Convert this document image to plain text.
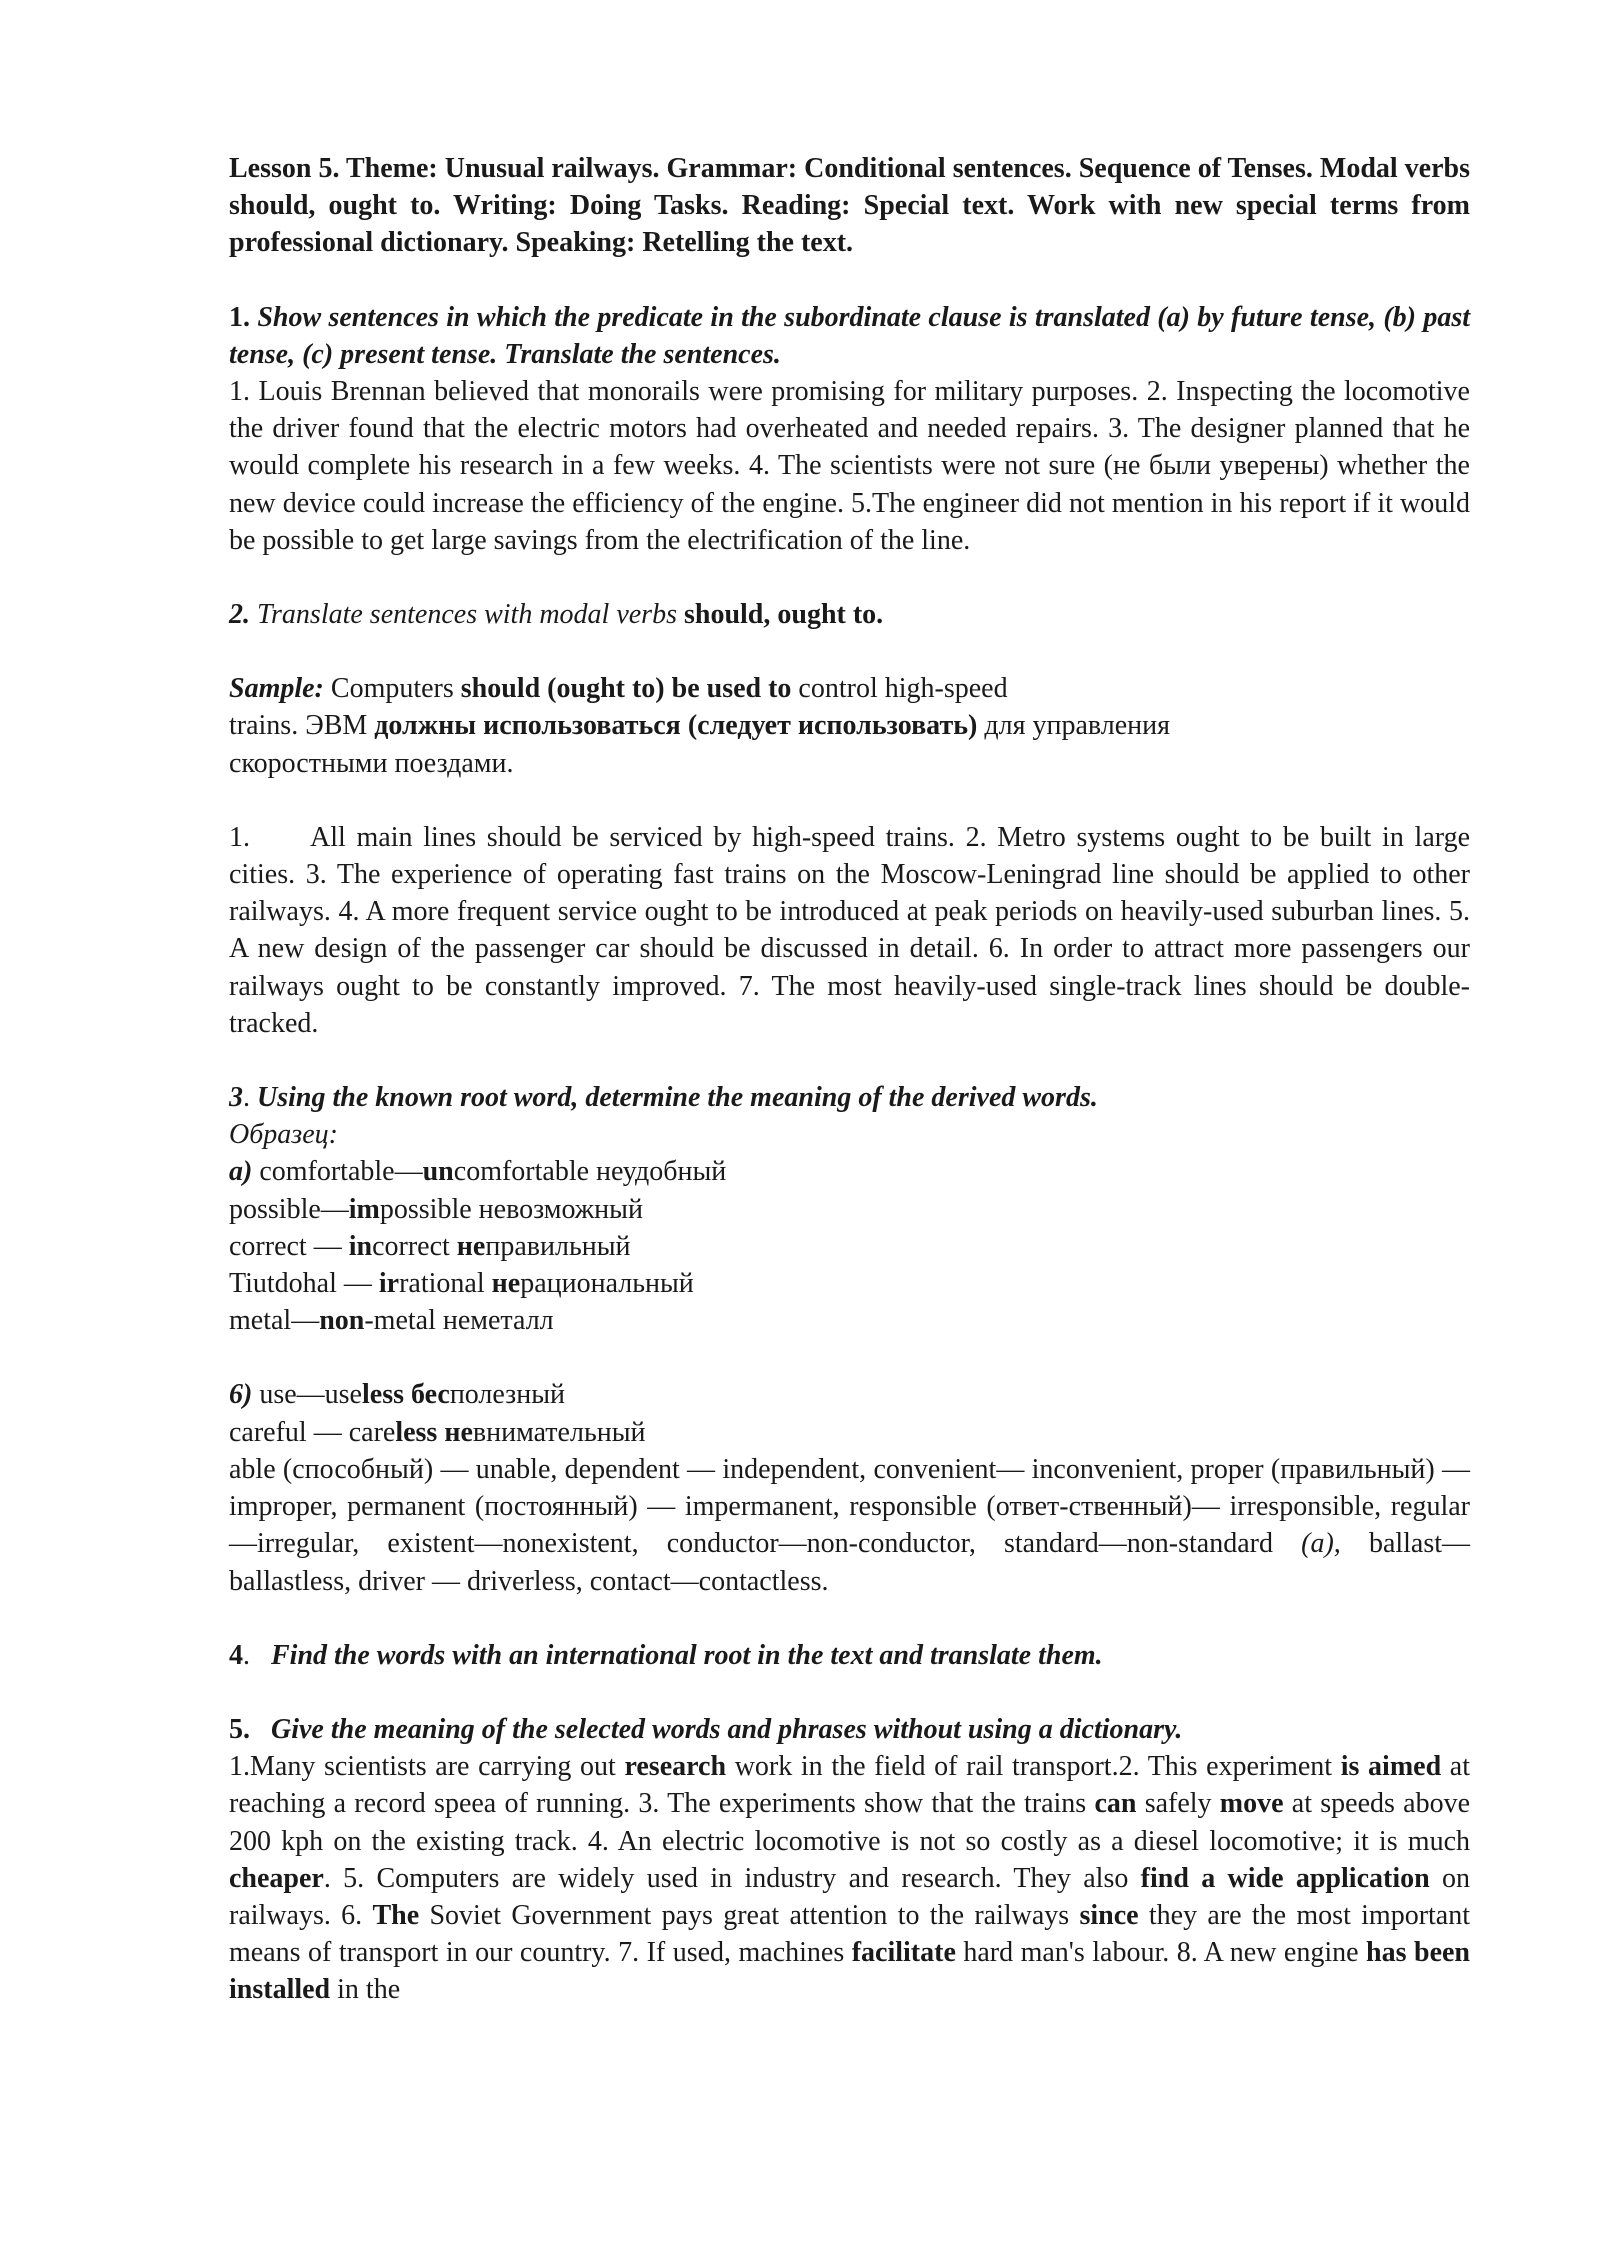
Lesson 5. Theme: Unusual railways. Grammar: Conditional sentences. Sequence of Tenses. Modal verbs should, ought to. Writing: Doing Tasks. Reading: Special text. Work with new special terms from professional dictionary. Speaking: Retelling the text.

1. Show sentences in which the predicate in the subordinate clause is translated (a) by future tense, (b) past tense, (c) present tense. Translate the sentences.

1. Louis Brennan believed that monorails were promising for military purposes. 2. Inspecting the locomotive the driver found that the electric motors had overheated and needed repairs. 3. The designer planned that he would complete his research in a few weeks. 4. The scientists were not sure (не были уверены) whether the new device could increase the efficiency of the engine. 5.The engineer did not mention in his report if it would be possible to get large savings from the electrification of the line.

2. Translate sentences with modal verbs should, ought to.

Sample: Computers should (ought to) be used to control high-speed

trains. ЭВМ должны использоваться (следует использовать) для управления

скоростными поездами.

1. All main lines should be serviced by high-speed trains. 2. Metro systems ought to be built in large cities. 3. The experience of operating fast trains on the Moscow-Leningrad line should be applied to other railways. 4. A more frequent service ought to be introduced at peak periods on heavily-used suburban lines. 5. A new design of the passenger car should be discussed in detail. 6. In order to attract more passengers our railways ought to be constantly improved. 7. The most heavily-used single-track lines should be double-tracked.

3. Using the known root word, determine the meaning of the derived words.

Образец:

a) comfortable—uncomfortable неудобный

possible—impossible невозможный

correct — incorrect неправильный

Tiutdohal — irrational нерациональный

metal—non-metal неметалл

6) use—useless бесполезный

careful — careless невнимательный

able (способный) — unable, dependent — independent, convenient— inconvenient, proper (правильный) — improper, permanent (постоянный) — impermanent, responsible (ответ-ственный)— irresponsible, regular—irregular, existent—nonexistent, conductor—non-conductor, standard—non-standard (a), ballast—ballastless, driver — driverless, contact—contactless.

4. Find the words with an international root in the text and translate them.

5. Give the meaning of the selected words and phrases without using a dictionary.

1.Many scientists are carrying out research work in the field of rail transport.2. This experiment is aimed at reaching a record speea of running. 3. The experiments show that the trains can safely move at speeds above 200 kph on the existing track. 4. An electric locomotive is not so costly as a diesel locomotive; it is much cheaper. 5. Computers are widely used in industry and research. They also find a wide application on railways. 6. The Soviet Government pays great attention to the railways since they are the most important means of transport in our country. 7. If used, machines facilitate hard man's labour. 8. A new engine has been installed in the
